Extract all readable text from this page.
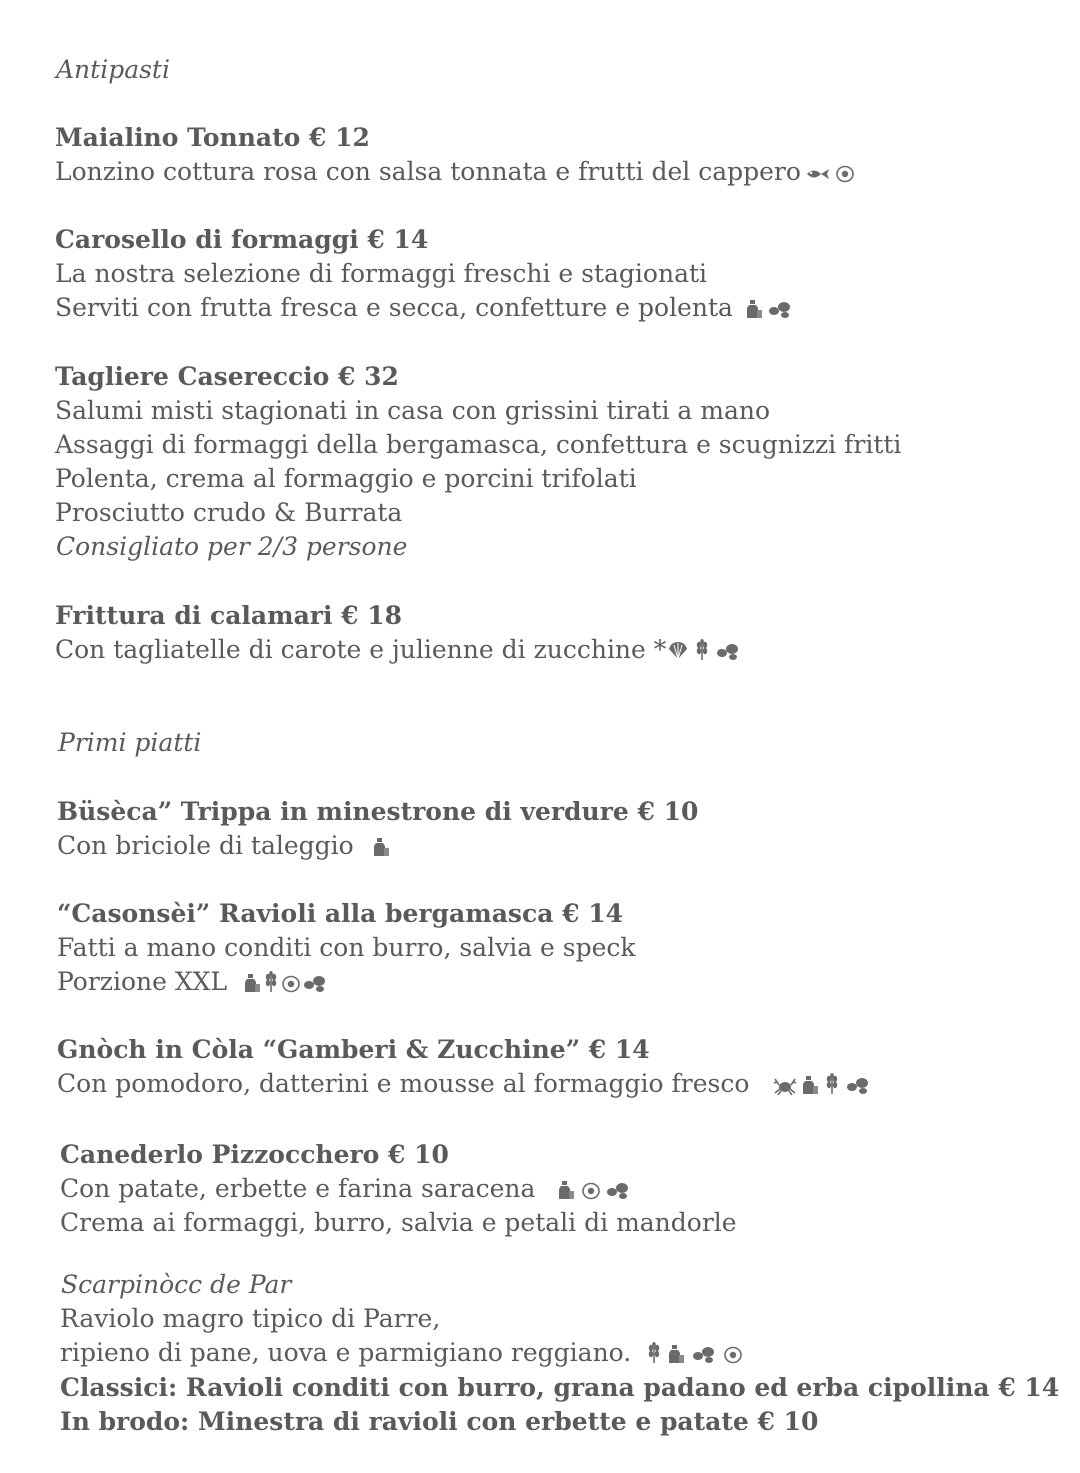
Antipasti
Maialino Tonnato € 12
Lonzino cottura rosa con salsa tonnata e frutti del cappero
Carosello di formaggi € 14
La nostra selezione di formaggi freschi e stagionati
Serviti con frutta fresca e secca, confetture e polenta
Tagliere Casereccio € 32
Salumi misti stagionati in casa con grissini tirati a mano
Assaggi di formaggi della bergamasca, confettura e scugnizzi fritti
Polenta, crema al formaggio e porcini trifolati
Prosciutto crudo & Burrata
Consigliato per 2/3 persone
Frittura di calamari € 18
Con tagliatelle di carote e julienne di zucchine *
Primi piatti
Büsèca” Trippa in minestrone di verdure € 10
Con briciole di taleggio
“Casonsèi” Ravioli alla bergamasca € 14
Fatti a mano conditi con burro, salvia e speck
Porzione XXL
Gnòch in Còla “Gamberi & Zucchine” € 14
Con pomodoro, datterini e mousse al formaggio fresco
Canederlo Pizzocchero € 10
Con patate, erbette e farina saracena
Crema ai formaggi, burro, salvia e petali di mandorle
Scarpinòcc de Par
Raviolo magro tipico di Parre,
ripieno di pane, uova e parmigiano reggiano.
Classici: Ravioli conditi con burro, grana padano ed erba cipollina € 14
In brodo: Minestra di ravioli con erbette e patate € 10
